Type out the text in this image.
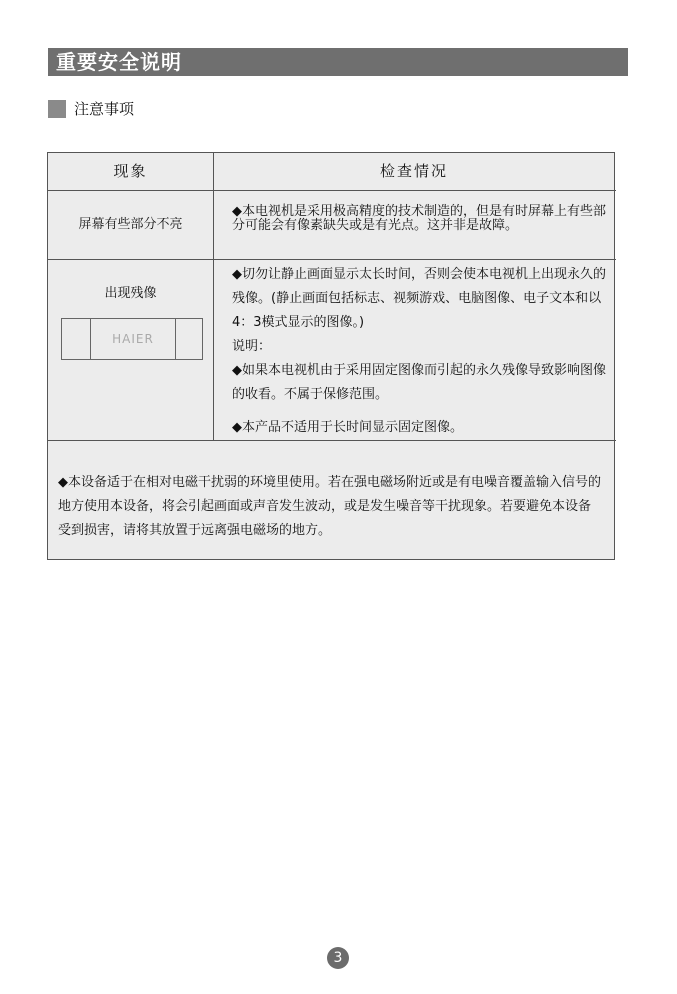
重要安全说明
注意事项
现象	检查情况
屏幕有些部分不亮
◆本电视机是采用极高精度的技术制造的，但是有时屏幕上有些部分可能会有像素缺失或是有光点。这并非是故障。
出现残像
HAIER
◆切勿让静止画面显示太长时间，否则会使本电视机上出现永久的残像。(静止画面包括标志、视频游戏、电脑图像、电子文本和以4：3模式显示的图像。)
说明：
◆如果本电视机由于采用固定图像而引起的永久残像导致影响图像的收看。不属于保修范围。
◆本产品不适用于长时间显示固定图像。
◆本设备适于在相对电磁干扰弱的环境里使用。若在强电磁场附近或是有电噪音覆盖输入信号的地方使用本设备，将会引起画面或声音发生波动，或是发生噪音等干扰现象。若要避免本设备受到损害，请将其放置于远离强电磁场的地方。
3
